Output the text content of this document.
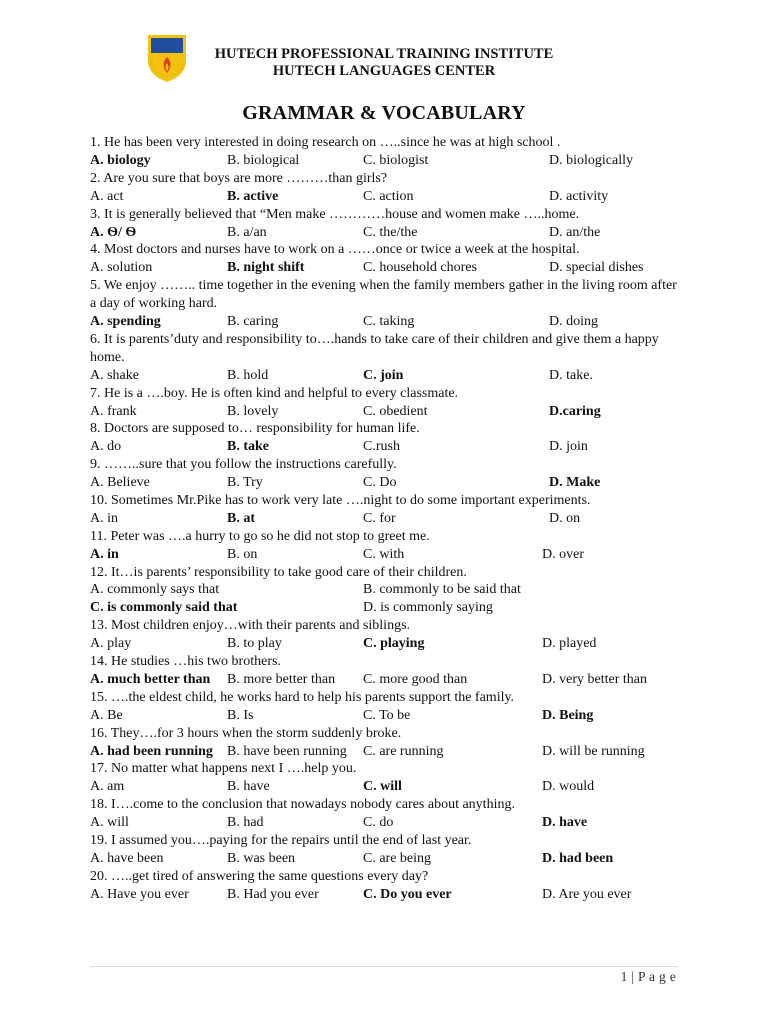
HUTECH PROFESSIONAL TRAINING INSTITUTE
HUTECH LANGUAGES CENTER
GRAMMAR & VOCABULARY
1. He has been very interested in doing research on …..since he was at high school .
A. biology	B. biological	C. biologist	D. biologically
2. Are you sure that boys are more ………than girls?
A. act	B. active	C. action	D. activity
3. It is generally believed that “Men make …………house and women make …..home.
A. Ѳ/ Ѳ	B. a/an	C. the/the	D. an/the
4. Most doctors and nurses have to work on a ……once or twice a week at the hospital.
A. solution	B. night shift	C. household chores	D. special dishes
5. We enjoy …….. time together in the evening when the family members gather in the living room after a day of working hard.
A. spending	B. caring	C. taking	D. doing
6. It is parents’duty and responsibility to….hands to take care of their children and give them a happy home.
A. shake	B. hold	C. join	D. take.
7. He is a ….boy. He is often kind and helpful to every classmate.
A. frank	B. lovely	C. obedient	D.caring
8. Doctors are supposed to… responsibility for human life.
A. do	B. take	C.rush	D. join
9. ……..sure that you follow the instructions carefully.
A. Believe	B. Try	C. Do	D. Make
10. Sometimes Mr.Pike has to work very late ….night to do some important experiments.
A. in	B. at	C. for	D. on
11. Peter was ….a hurry to go so he did not stop to greet me.
A. in	B. on	C. with	D. over
12. It…is parents’ responsibility to take good care of their children.
A. commonly says that	B. commonly to be said that
C. is commonly said that	D. is commonly saying
13. Most children enjoy…with their parents and siblings.
A. play	B. to play	C. playing	D. played
14. He studies …his two brothers.
A. much better than B. more better than C. more good than	D. very better than
15. ….the eldest child, he works hard to help his parents support the family.
A. Be	B. Is	C. To be	D. Being
16. They….for 3 hours when the storm suddenly broke.
A. had been running B. have been running C. are running	D. will be running
17. No matter what happens next I ….help you.
A. am	B. have	C. will	D. would
18. I….come to the conclusion that nowadays nobody cares about anything.
A. will	B. had	C. do	D. have
19. I assumed you….paying for the repairs until the end of last year.
A. have been	B. was been	C. are being	D. had been
20. …..get tired of answering the same questions every day?
A. Have you ever	B. Had you ever	C. Do you ever	D. Are you ever
1 | P a g e
